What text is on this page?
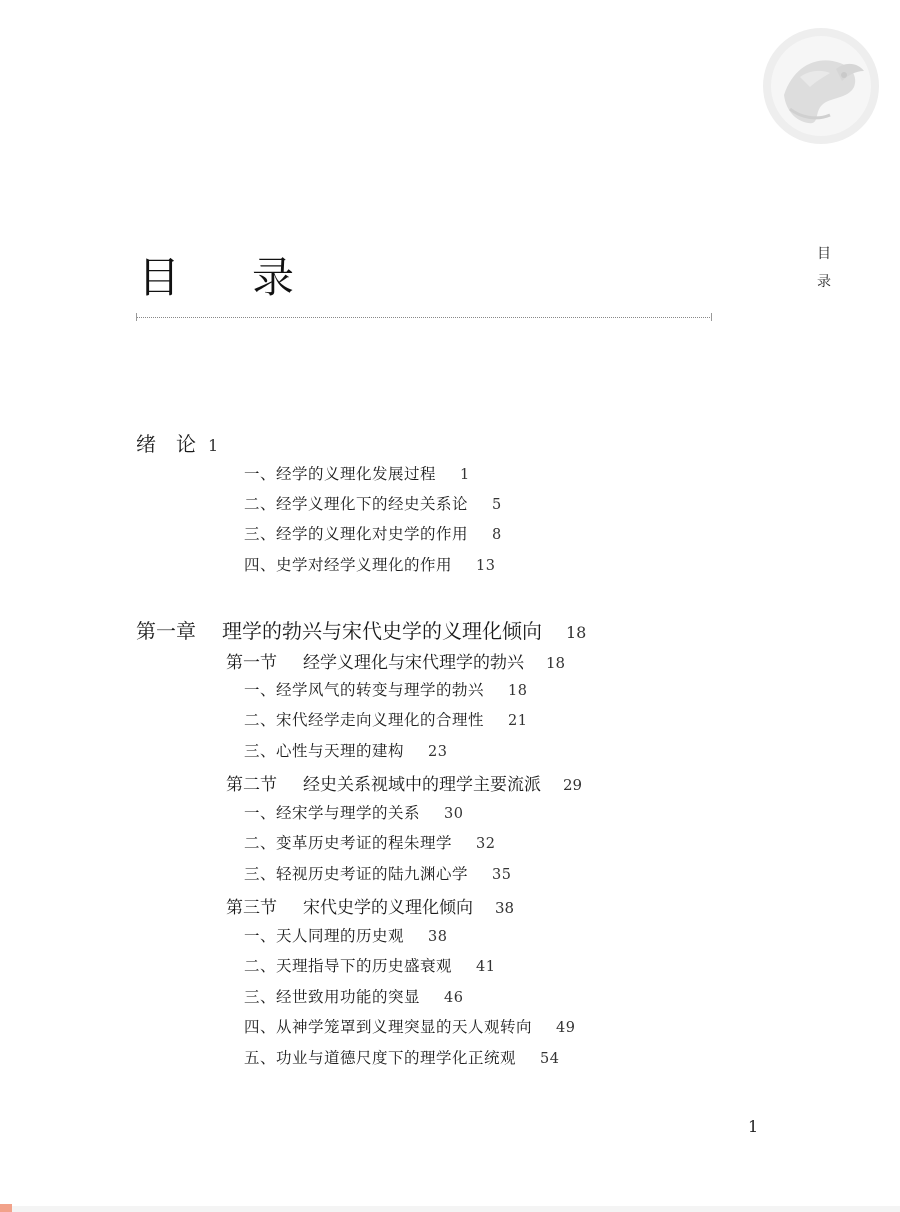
目 录	目
录
绪　论 1
一、经学的义理化发展过程 1
二、经学义理化下的经史关系论 5
三、经学的义理化对史学的作用 8
四、史学对经学义理化的作用 13
第一章 理学的勃兴与宋代史学的义理化倾向 18
第一节 经学义理化与宋代理学的勃兴 18
一、经学风气的转变与理学的勃兴 18
二、宋代经学走向义理化的合理性 21
三、心性与天理的建构 23
第二节 经史关系视域中的理学主要流派 29
一、经宋学与理学的关系 30
二、变革历史考证的程朱理学 32
三、轻视历史考证的陆九渊心学 35
第三节 宋代史学的义理化倾向 38
一、天人同理的历史观 38
二、天理指导下的历史盛衰观 41
三、经世致用功能的突显 46
四、从神学笼罩到义理突显的天人观转向 49
五、功业与道德尺度下的理学化正统观 54
1
